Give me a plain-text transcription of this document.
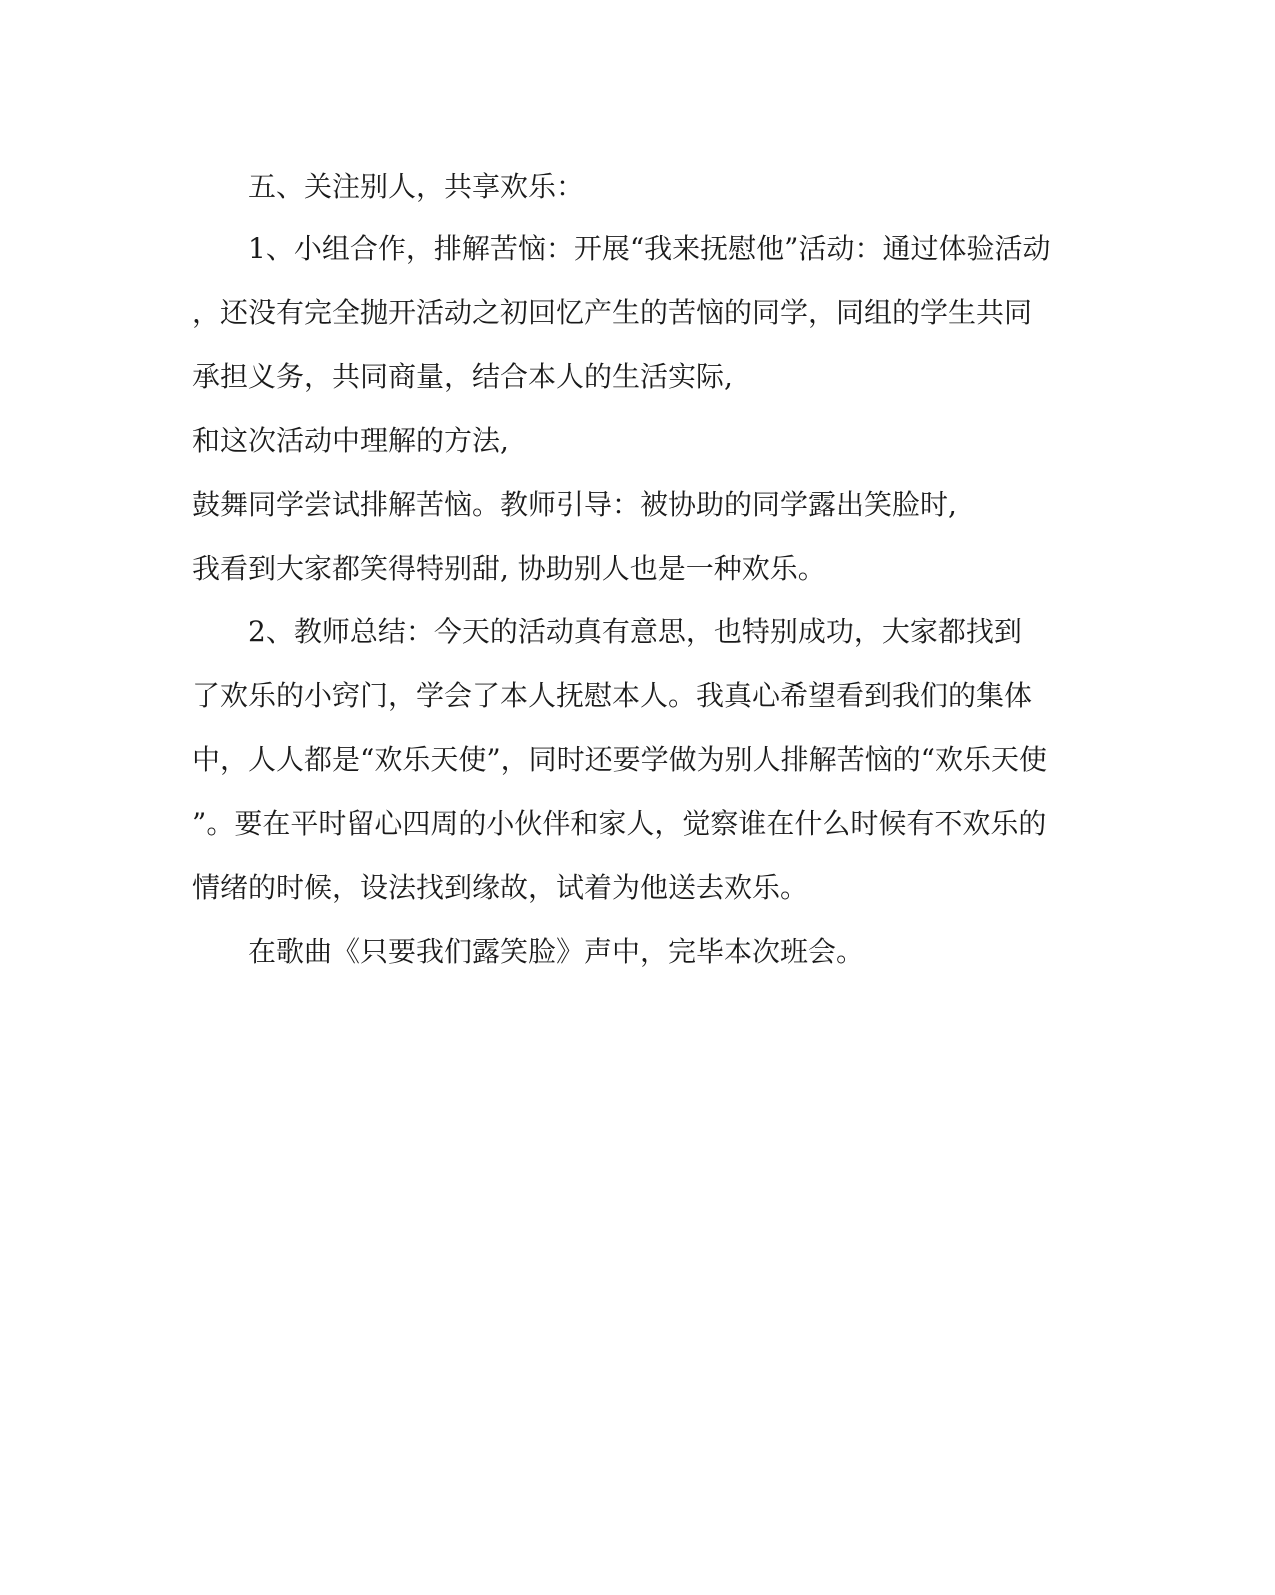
五、关注别人，共享欢乐：
1、小组合作，排解苦恼：开展“我来抚慰他”活动：通过体验活动
，还没有完全抛开活动之初回忆产生的苦恼的同学，同组的学生共同
承担义务，共同商量，结合本人的生活实际,
和这次活动中理解的方法,
鼓舞同学尝试排解苦恼。教师引导：被协助的同学露出笑脸时,
我看到大家都笑得特别甜, 协助别人也是一种欢乐。
2、教师总结：今天的活动真有意思，也特别成功，大家都找到
了欢乐的小窍门，学会了本人抚慰本人。我真心希望看到我们的集体
中，人人都是“欢乐天使”，同时还要学做为别人排解苦恼的“欢乐天使
”。要在平时留心四周的小伙伴和家人，觉察谁在什么时候有不欢乐的
情绪的时候，设法找到缘故，试着为他送去欢乐。
在歌曲《只要我们露笑脸》声中，完毕本次班会。
